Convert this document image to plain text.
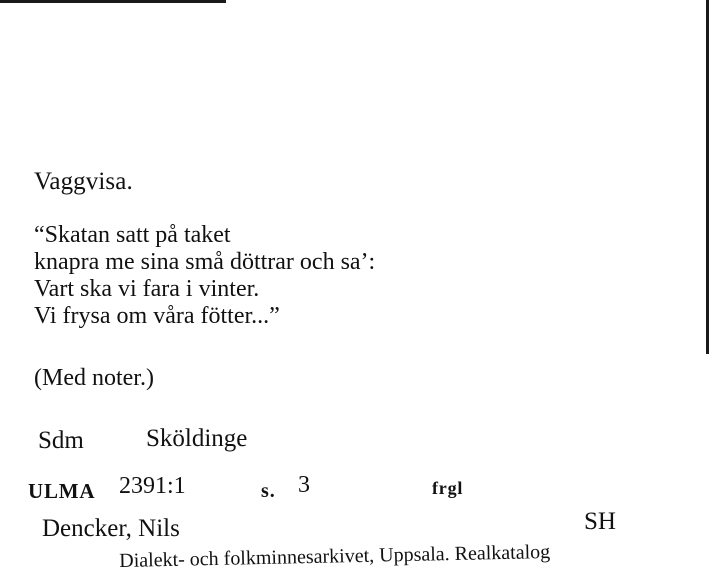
Vaggvisa.
“Skatan satt på taket
knapra me sina små döttrar och sa’:
Vart ska vi fara i vinter.
Vi frysa om våra fötter...”
(Med noter.)
Sdm Sköldinge
ULMA 2391:1	s. 3	frgl
Dencker, Nils	SH
Dialekt- och folkminnesarkivet, Uppsala. Realkatalog
